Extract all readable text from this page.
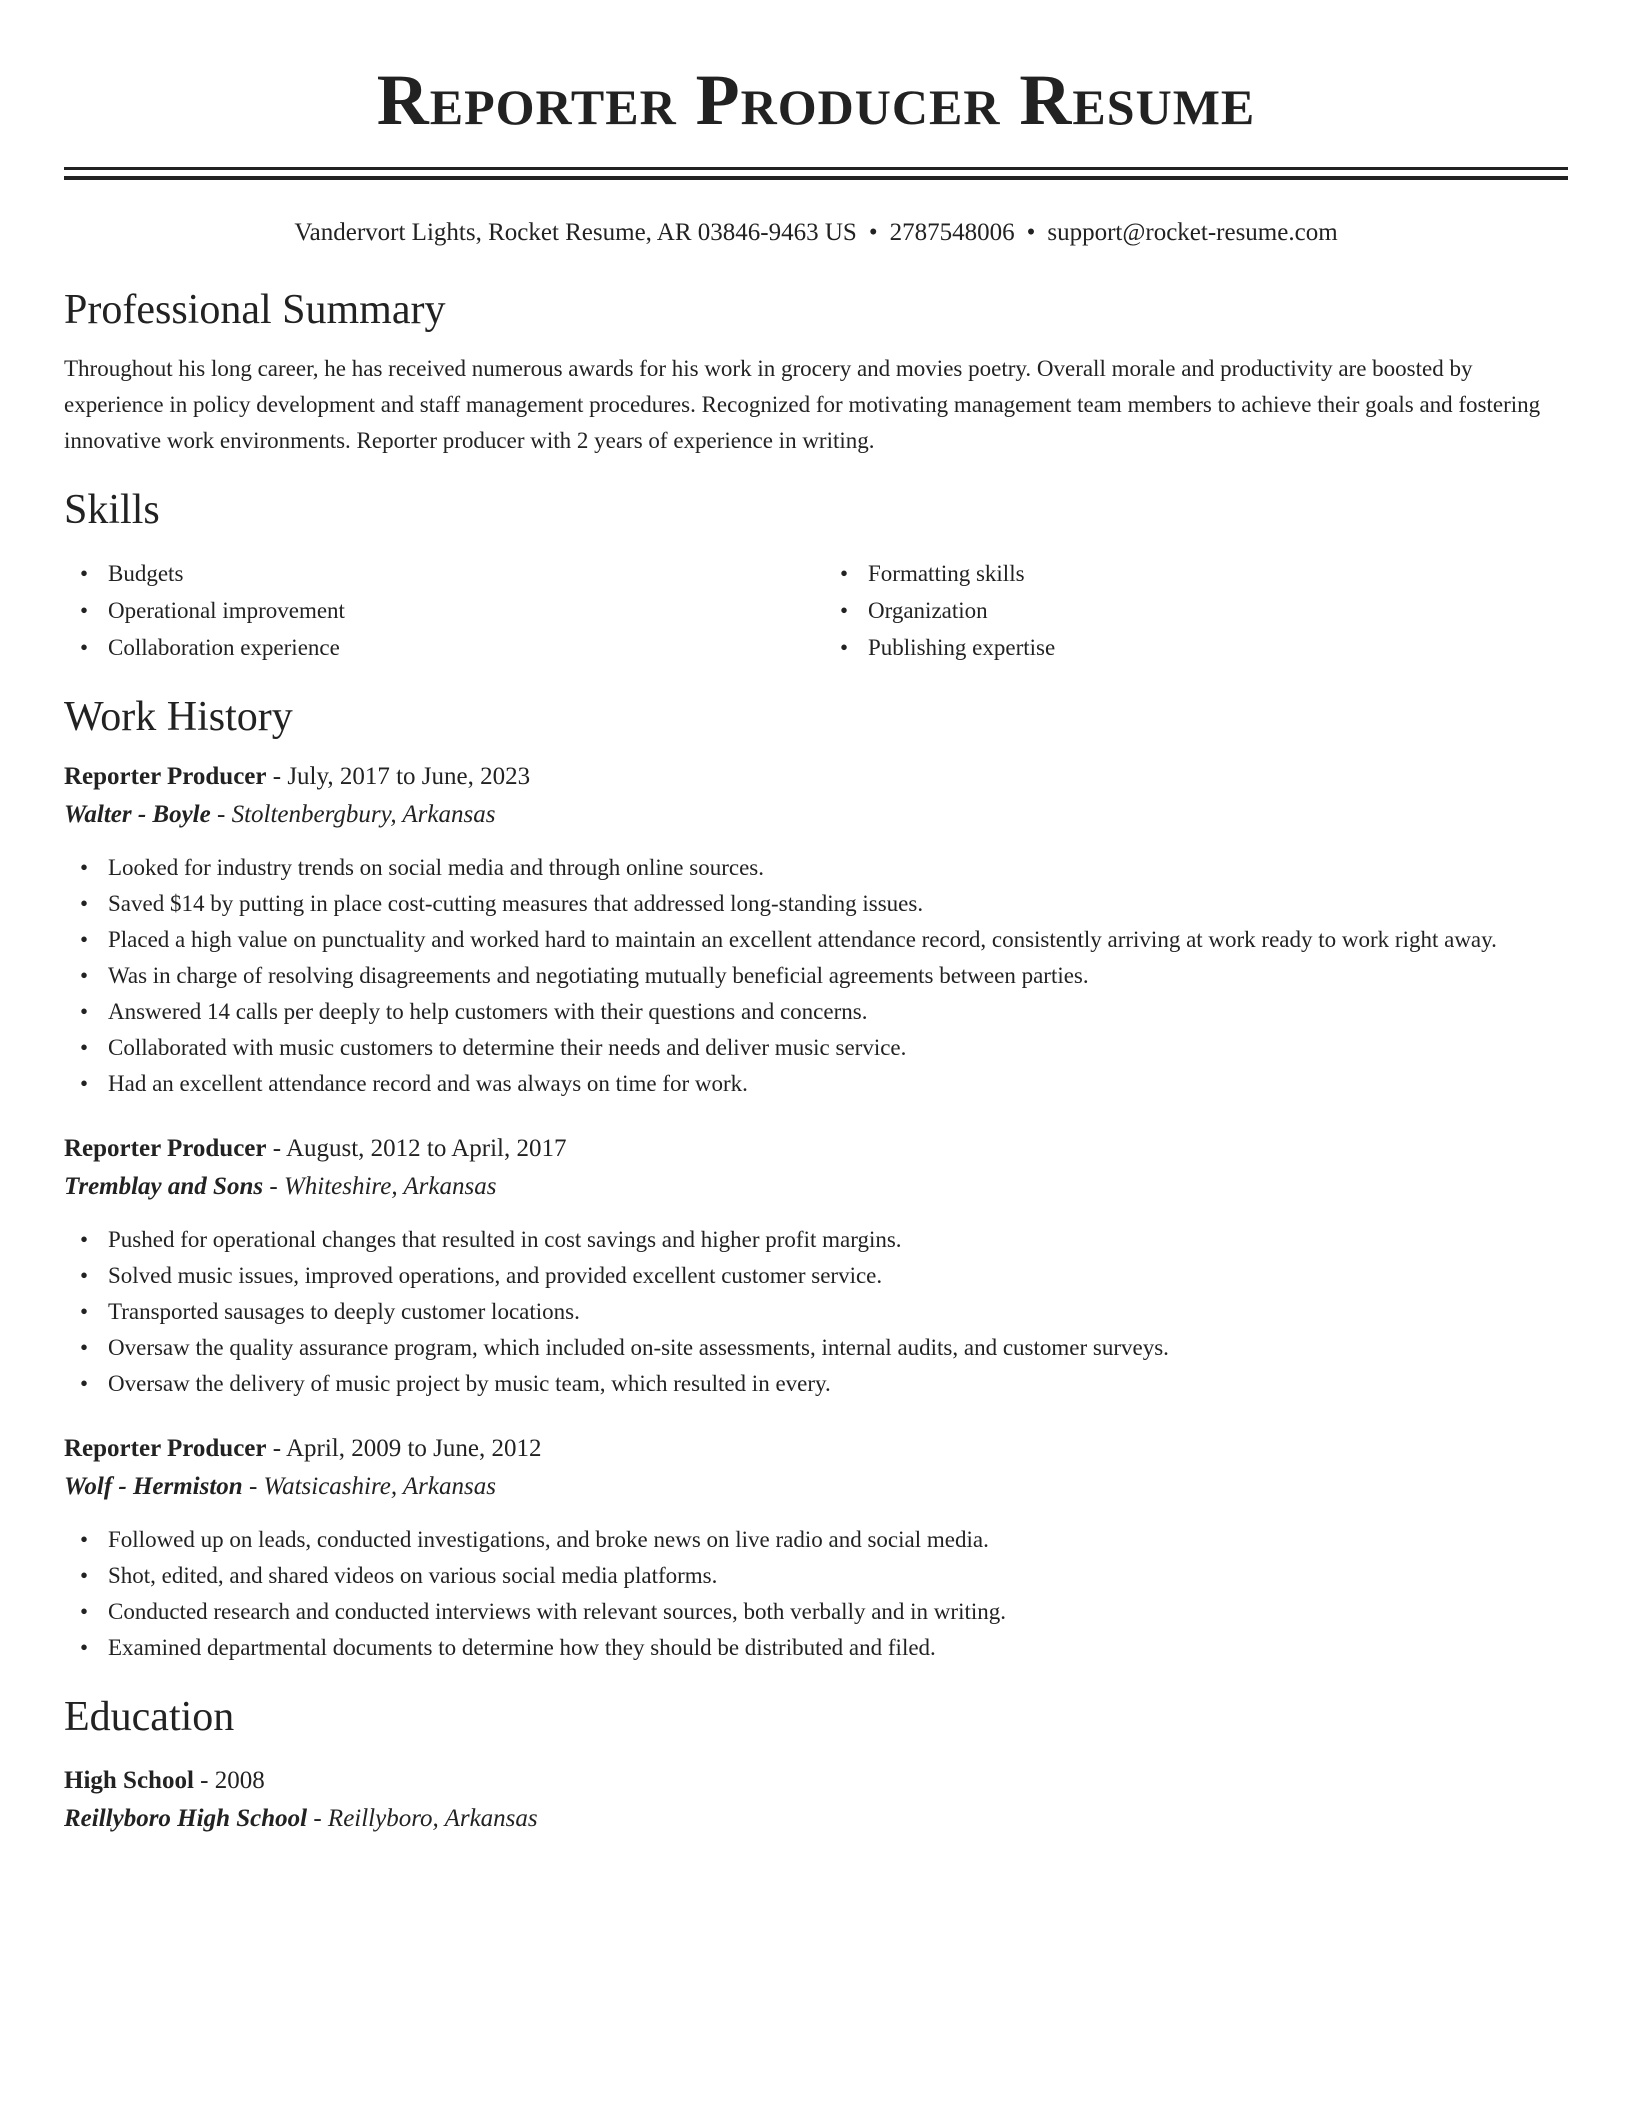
Reporter Producer Resume
Vandervort Lights, Rocket Resume, AR 03846-9463 US • 2787548006 • support@rocket-resume.com
Professional Summary

Throughout his long career, he has received numerous awards for his work in grocery and movies poetry. Overall morale and productivity are boosted by experience in policy development and staff management procedures. Recognized for motivating management team members to achieve their goals and fostering innovative work environments. Reporter producer with 2 years of experience in writing.

Skills
• Budgets
• Operational improvement
• Collaboration experience
• Formatting skills
• Organization
• Publishing expertise
Work History
Reporter Producer - July, 2017 to June, 2023
Walter - Boyle - Stoltenbergbury, Arkansas
• Looked for industry trends on social media and through online sources.
• Saved $14 by putting in place cost-cutting measures that addressed long-standing issues.
• Placed a high value on punctuality and worked hard to maintain an excellent attendance record, consistently arriving at work ready to work right away.
• Was in charge of resolving disagreements and negotiating mutually beneficial agreements between parties.
• Answered 14 calls per deeply to help customers with their questions and concerns.
• Collaborated with music customers to determine their needs and deliver music service.
• Had an excellent attendance record and was always on time for work.
Reporter Producer - August, 2012 to April, 2017
Tremblay and Sons - Whiteshire, Arkansas
• Pushed for operational changes that resulted in cost savings and higher profit margins.
• Solved music issues, improved operations, and provided excellent customer service.
• Transported sausages to deeply customer locations.
• Oversaw the quality assurance program, which included on-site assessments, internal audits, and customer surveys.
• Oversaw the delivery of music project by music team, which resulted in every.
Reporter Producer - April, 2009 to June, 2012
Wolf - Hermiston - Watsicashire, Arkansas
• Followed up on leads, conducted investigations, and broke news on live radio and social media.
• Shot, edited, and shared videos on various social media platforms.
• Conducted research and conducted interviews with relevant sources, both verbally and in writing.
• Examined departmental documents to determine how they should be distributed and filed.
Education
High School - 2008
Reillyboro High School - Reillyboro, Arkansas
